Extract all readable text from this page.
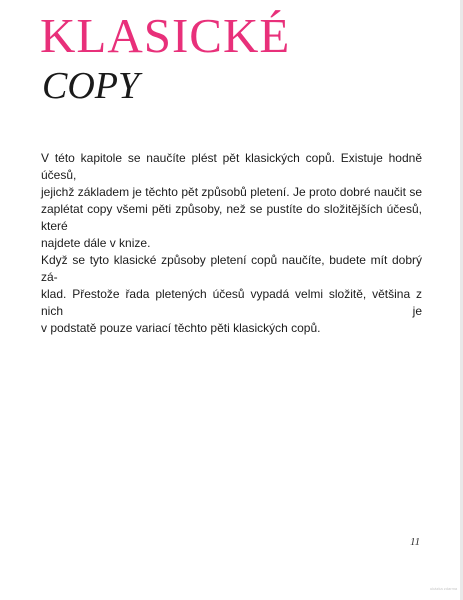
KLASICKÉ
COPY
V této kapitole se naučíte plést pět klasických copů. Existuje hodně účesů,
jejichž základem je těchto pět způsobů pletení. Je proto dobré naučit se
zaplétat copy všemi pěti způsoby, než se pustíte do složitějších účesů, které
najdete dále v knize.
Když se tyto klasické způsoby pletení copů naučíte, budete mít dobrý zá-
klad. Přestože řada pletených účesů vypadá velmi složitě, většina z nich je
v podstatě pouze variací těchto pěti klasických copů.

11

ukázka zdarma
